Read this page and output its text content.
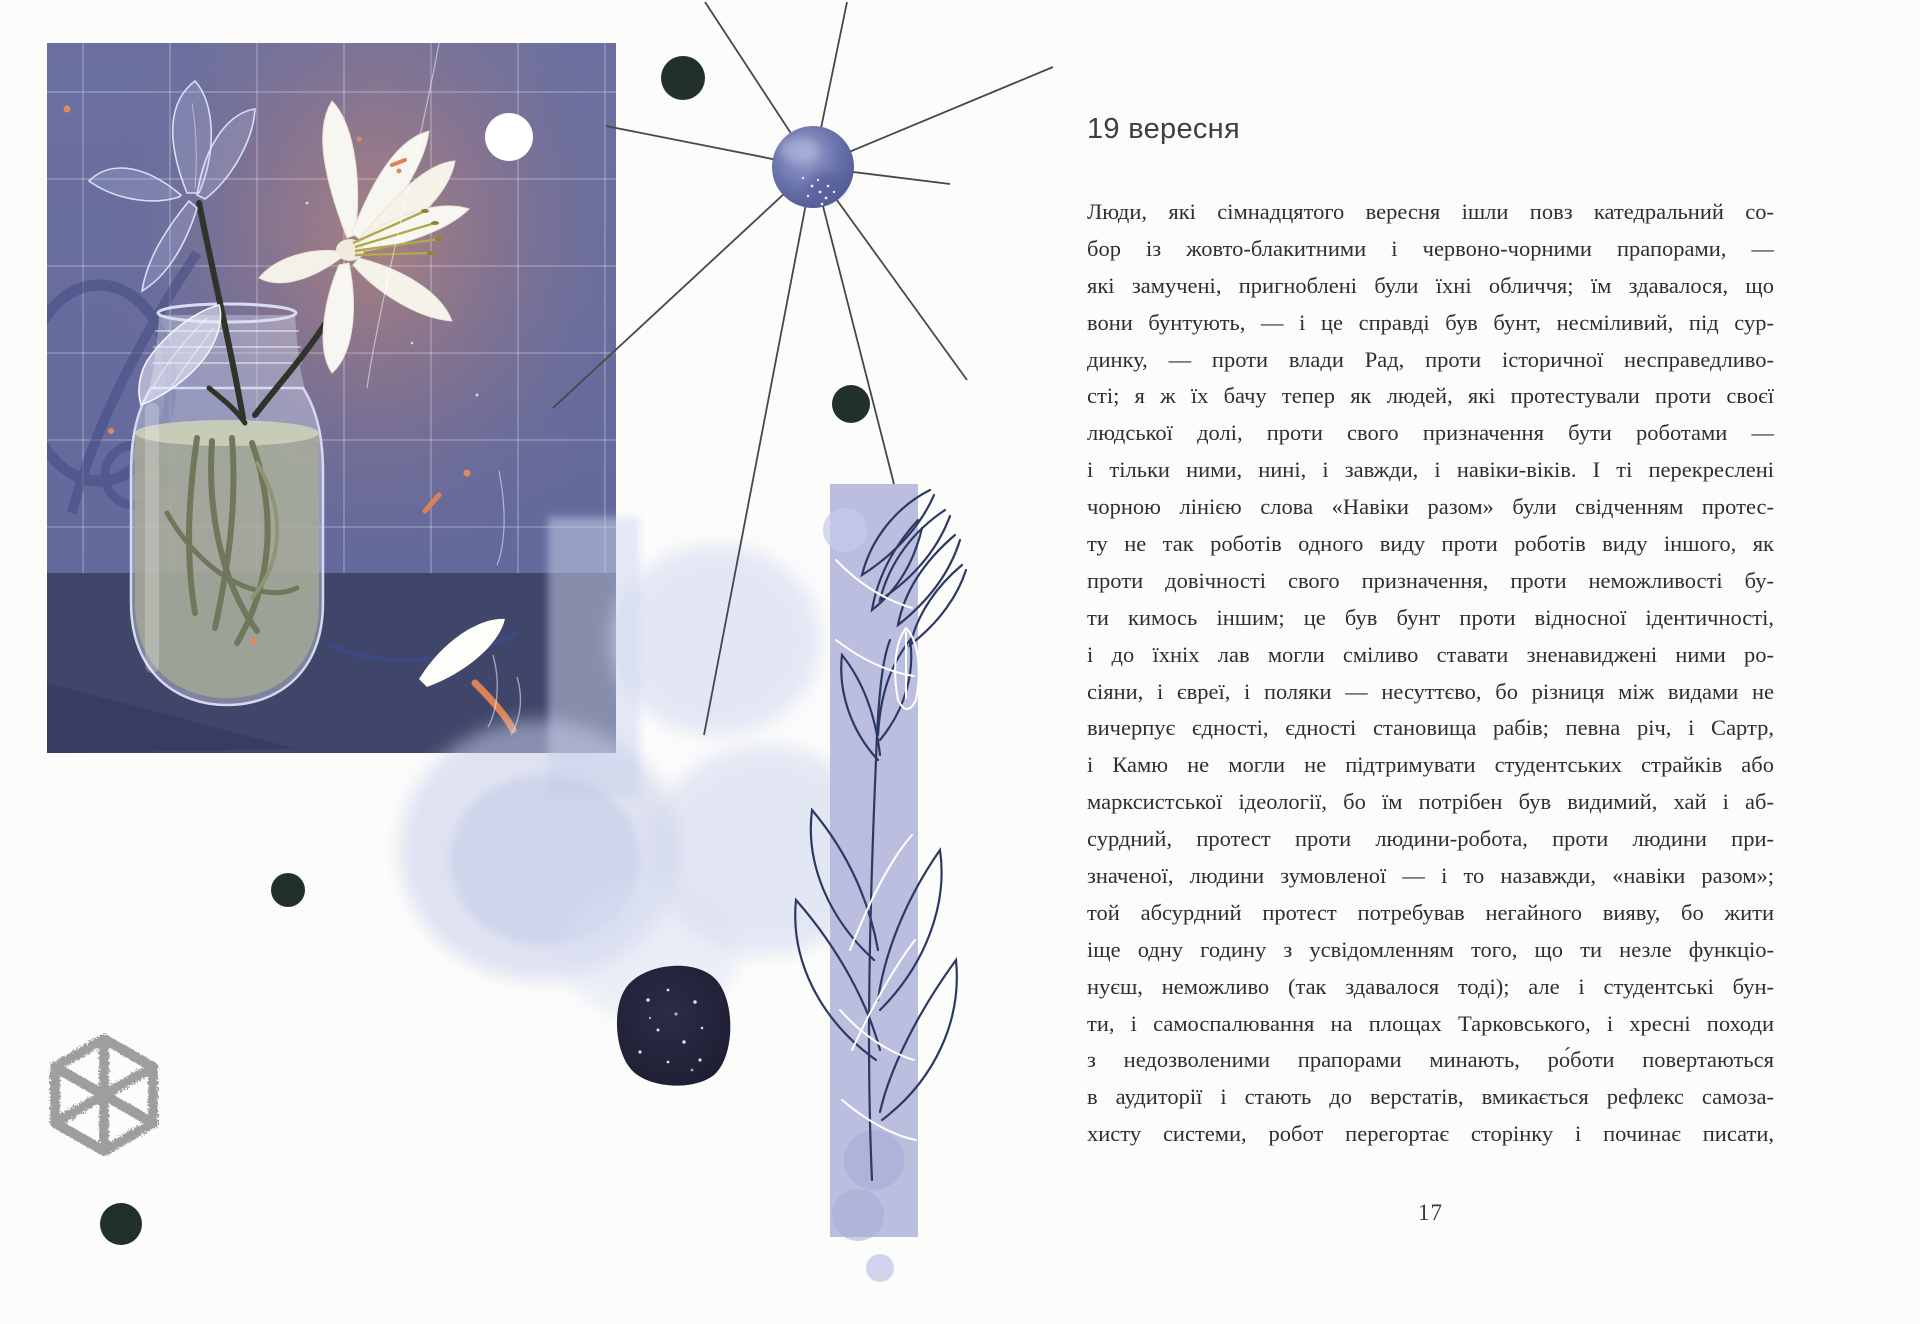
19 вересня
Люди, які сімнадцятого вересня ішли повз катедральний со-
бор із жовто-блакитними і червоно-чорними прапорами, —
які замучені, пригноблені були їхні обличчя; їм здавалося, що
вони бунтують, — і це справді був бунт, несміливий, під сур-
динку, — проти влади Рад, проти історичної несправедливо-
сті; я ж їх бачу тепер як людей, які протестували проти своєї
людської долі, проти свого призначення бути роботами —
і тільки ними, нині, і завжди, і навіки-віків. І ті перекреслені
чорною лінією слова «Навіки разом» були свідченням протес-
ту не так роботів одного виду проти роботів виду іншого, як
проти довічності свого призначення, проти неможливості бу-
ти кимось іншим; це був бунт проти відносної ідентичності,
і до їхніх лав могли сміливо ставати зненавиджені ними ро-
сіяни, і євреї, і поляки — несуттєво, бо різниця між видами не
вичерпує єдності, єдності становища рабів; певна річ, і Сартр,
і Камю не могли не підтримувати студентських страйків або
марксистської ідеології, бо їм потрібен був видимий, хай і аб-
сурдний, протест проти людини-робота, проти людини при-
значеної, людини зумовленої — і то назавжди, «навіки разом»;
той абсурдний протест потребував негайного вияву, бо жити
іще одну годину з усвідомленням того, що ти незле функціо-
нуєш, неможливо (так здавалося тоді); але і студентські бун-
ти, і самоспалювання на площах Тарковського, і хресні походи
з недозволеними прапорами минають, ро́боти повертаються
в аудиторії і стають до верстатів, вмикається рефлекс самоза-
хисту системи, робот перегортає сторінку і починає писати,
17
